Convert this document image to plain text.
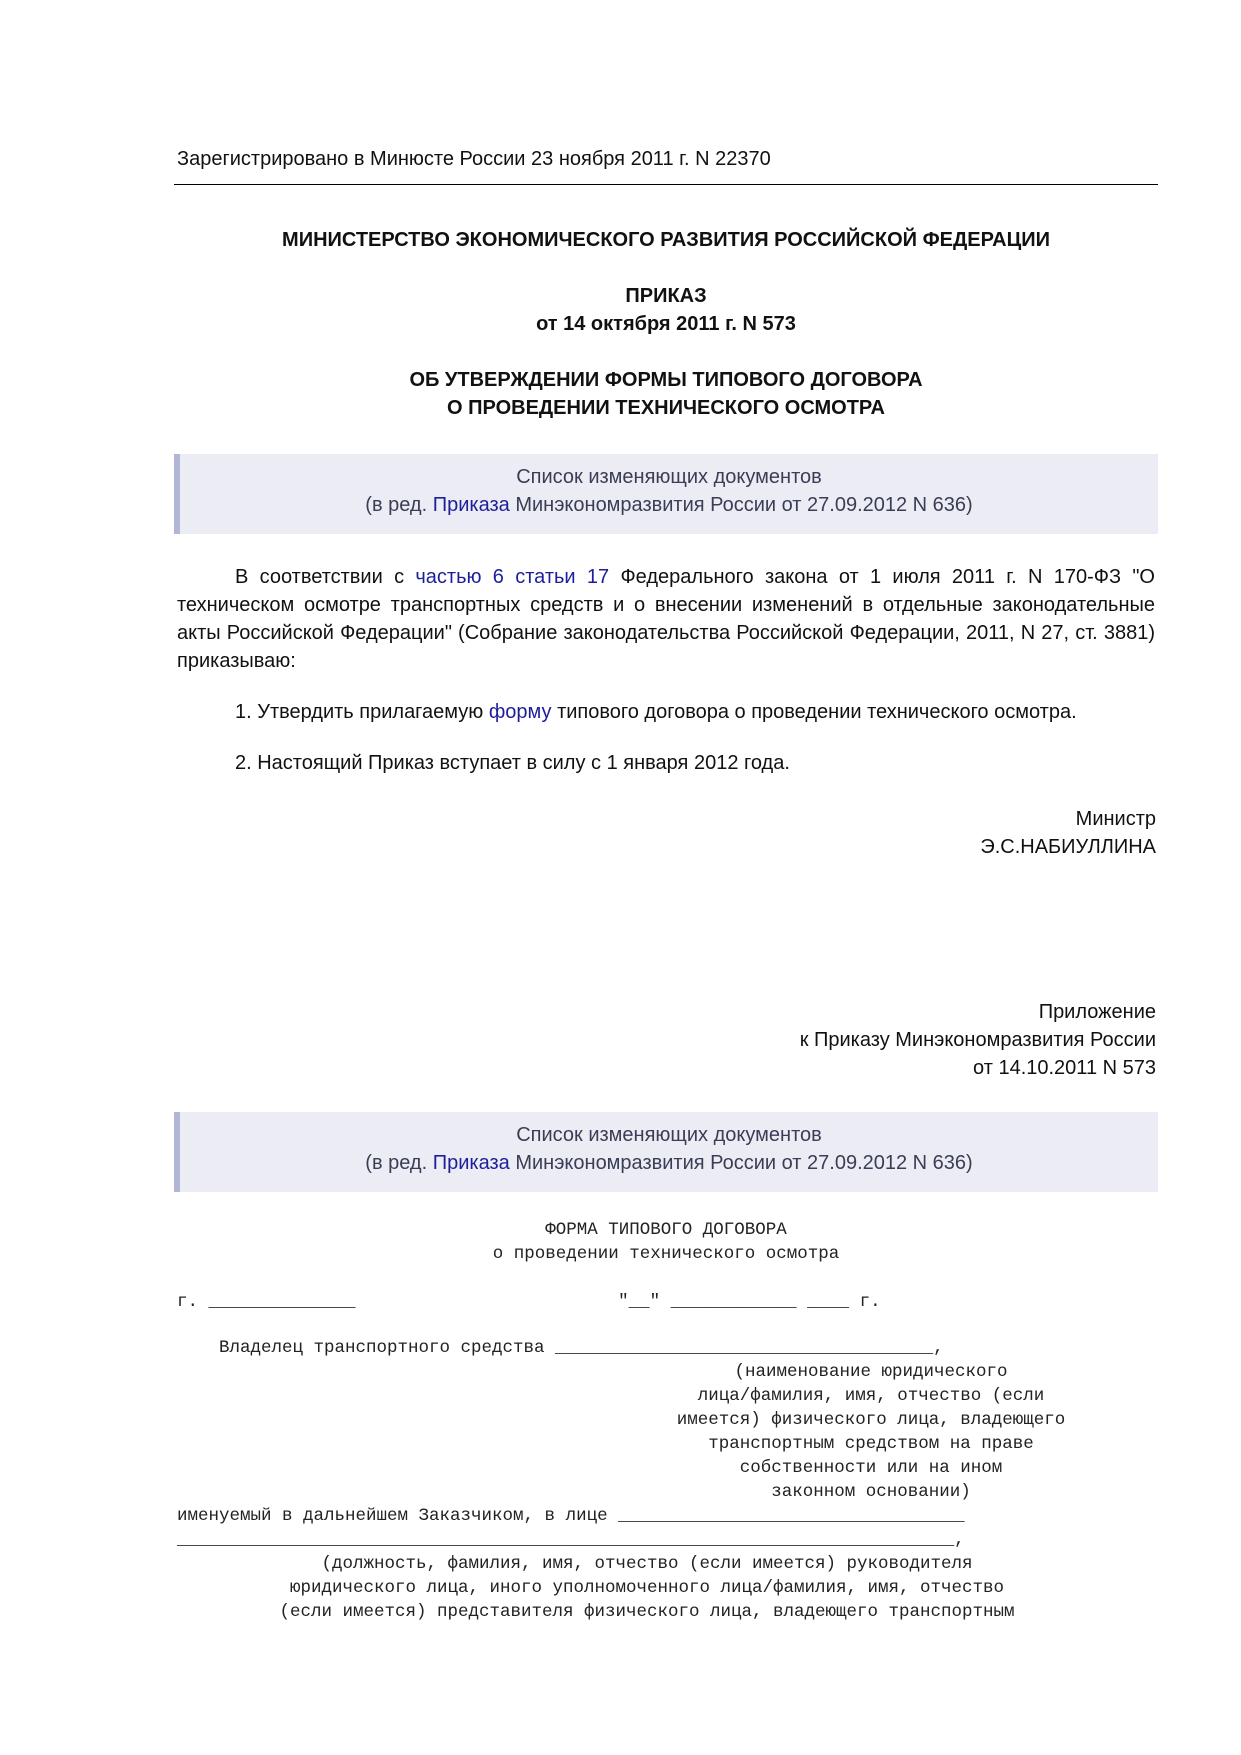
Зарегистрировано в Минюсте России 23 ноября 2011 г. N 22370
МИНИСТЕРСТВО ЭКОНОМИЧЕСКОГО РАЗВИТИЯ РОССИЙСКОЙ ФЕДЕРАЦИИ
ПРИКАЗ
от 14 октября 2011 г. N 573
ОБ УТВЕРЖДЕНИИ ФОРМЫ ТИПОВОГО ДОГОВОРА
О ПРОВЕДЕНИИ ТЕХНИЧЕСКОГО ОСМОТРА
Список изменяющих документов
(в ред. Приказа Минэкономразвития России от 27.09.2012 N 636)
В соответствии с частью 6 статьи 17 Федерального закона от 1 июля 2011 г. N 170-ФЗ "О техническом осмотре транспортных средств и о внесении изменений в отдельные законодательные акты Российской Федерации" (Собрание законодательства Российской Федерации, 2011, N 27, ст. 3881) приказываю:
1. Утвердить прилагаемую форму типового договора о проведении технического осмотра.
2. Настоящий Приказ вступает в силу с 1 января 2012 года.
Министр
Э.С.НАБИУЛЛИНА
Приложение
к Приказу Минэкономразвития России
от 14.10.2011 N 573
Список изменяющих документов
(в ред. Приказа Минэкономразвития России от 27.09.2012 N 636)
ФОРМА ТИПОВОГО ДОГОВОРА
о проведении технического осмотра
г. ______________                         "__" ____________ ____ г.
Владелец транспортного средства ____________________________________,
(наименование юридического
лица/фамилия, имя, отчество (если
имеется) физического лица, владеющего
транспортным средством на праве
собственности или на ином
законном основании)
именуемый в дальнейшем Заказчиком, в лице _________________________________
__________________________________________________________________________,
(должность, фамилия, имя, отчество (если имеется) руководителя
юридического лица, иного уполномоченного лица/фамилия, имя, отчество
(если имеется) представителя физического лица, владеющего транспортным
